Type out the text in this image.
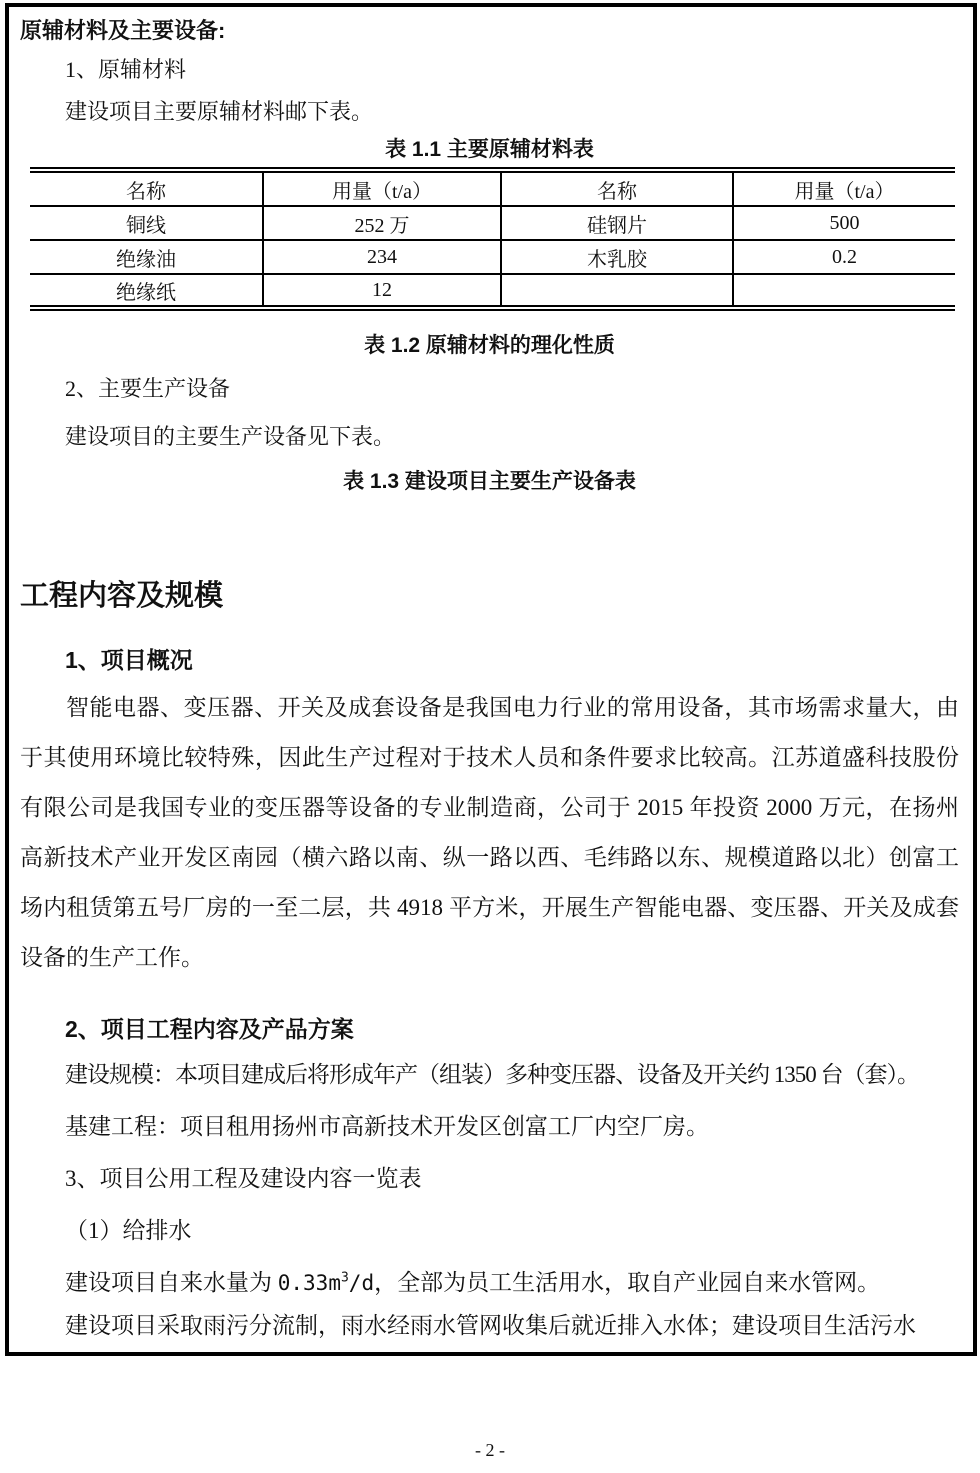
原辅材料及主要设备:
1、原辅材料
建设项目主要原辅材料邮下表。
表 1.1 主要原辅材料表
名称	用量（t/a）	名称	用量（t/a）
铜线	252 万	硅钢片	500
绝缘油	234	木乳胶	0.2
绝缘纸	12		
表 1.2 原辅材料的理化性质
2、主要生产设备
建设项目的主要生产设备见下表。
表 1.3 建设项目主要生产设备表
工程内容及规模
1、项目概况

智能电器、变压器、开关及成套设备是我国电力行业的常用设备，其市场需求量大，由于其使用环境比较特殊，因此生产过程对于技术人员和条件要求比较高。江苏道盛科技股份有限公司是我国专业的变压器等设备的专业制造商，公司于 2015 年投资 2000 万元，在扬州高新技术产业开发区南园（横六路以南、纵一路以西、毛纬路以东、规模道路以北）创富工场内租赁第五号厂房的一至二层，共 4918 平方米，开展生产智能电器、变压器、开关及成套设备的生产工作。

2、项目工程内容及产品方案
建设规模：本项目建成后将形成年产（组装）多种变压器、设备及开关约 1350 台（套）。
基建工程：项目租用扬州市高新技术开发区创富工厂内空厂房。
3、项目公用工程及建设内容一览表
（1）给排水
建设项目自来水量为 $0.33m^3/d$，全部为员工生活用水，取自产业园自来水管网。
建设项目采取雨污分流制，雨水经雨水管网收集后就近排入水体；建设项目生活污水
- 2 -
